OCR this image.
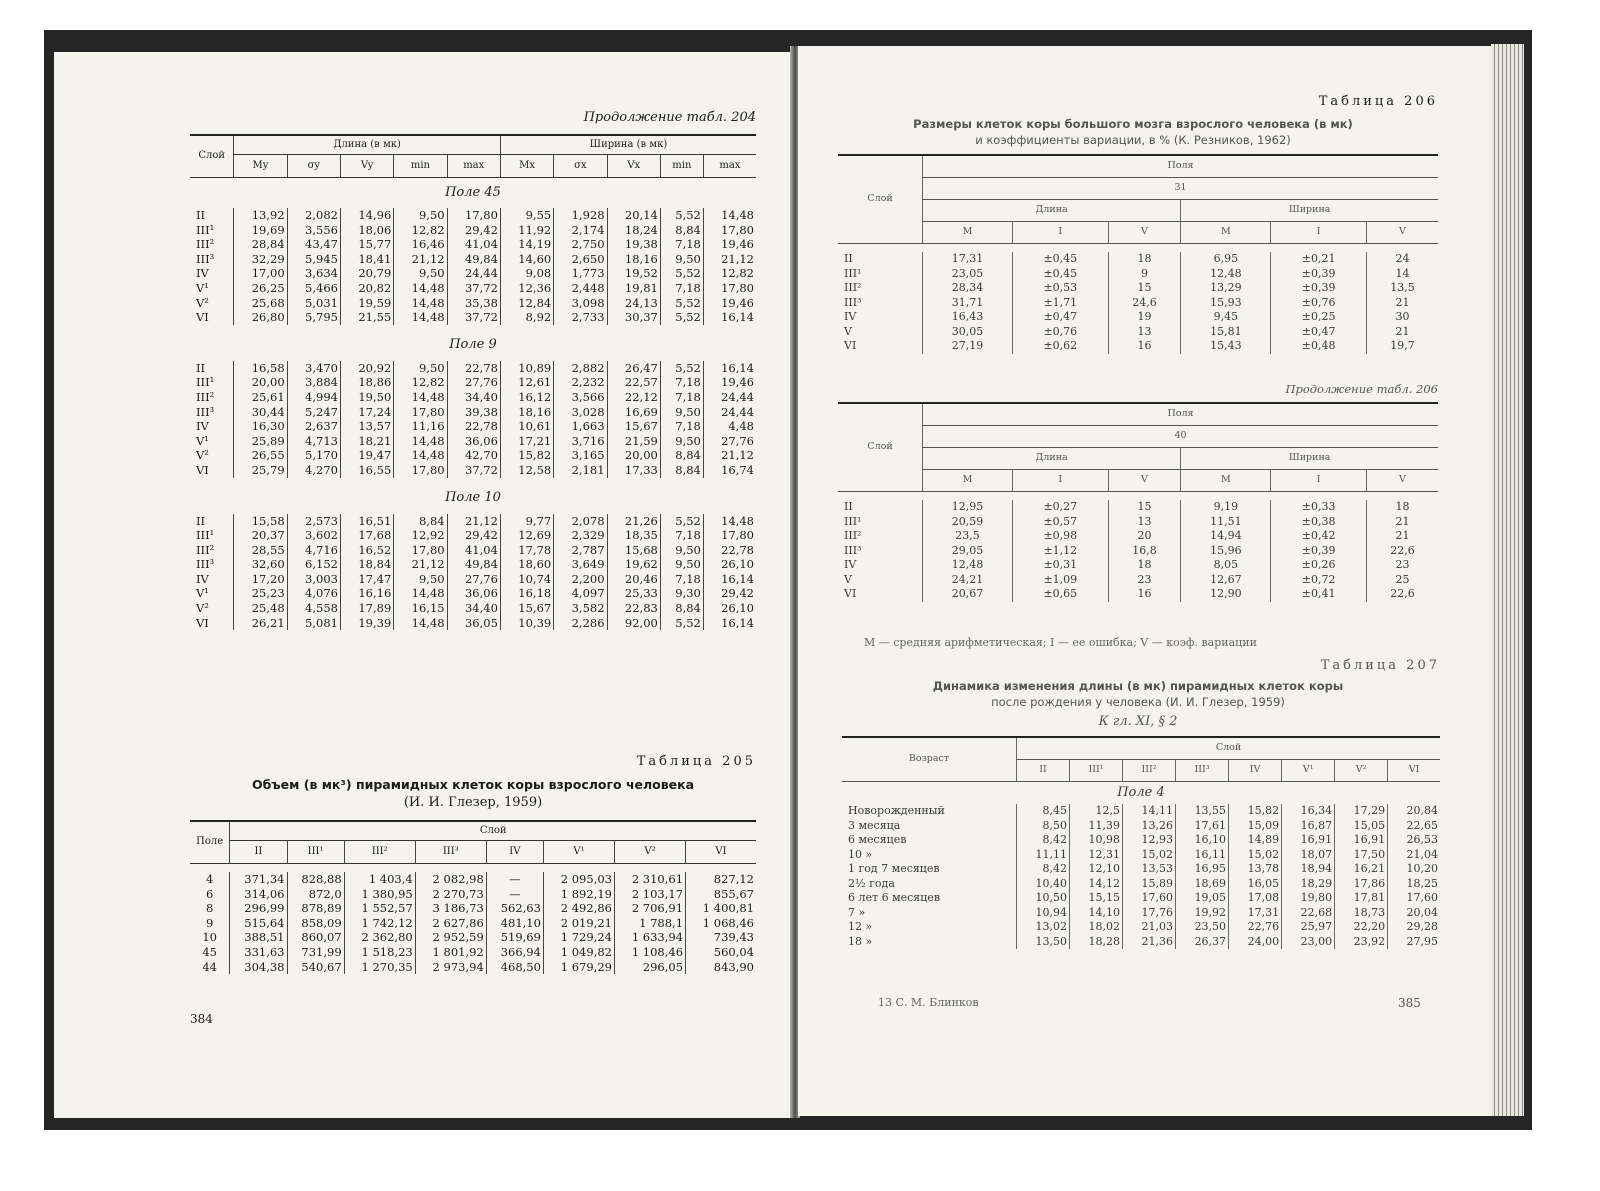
Продолжение табл. 204
Слой	Длина (в мк)					Ширина (в мк)				
	My	σy	Vy	min	max	Mx	σx	Vx	min	max
Поле 45										
II	13,92	2,082	14,96	9,50	17,80	9,55	1,928	20,14	5,52	14,48
III¹	19,69	3,556	18,06	12,82	29,42	11,92	2,174	18,24	8,84	17,80
III²	28,84	43,47	15,77	16,46	41,04	14,19	2,750	19,38	7,18	19,46
III³	32,29	5,945	18,41	21,12	49,84	14,60	2,650	18,16	9,50	21,12
IV	17,00	3,634	20,79	9,50	24,44	9,08	1,773	19,52	5,52	12,82
V¹	26,25	5,466	20,82	14,48	37,72	12,36	2,448	19,81	7,18	17,80
V²	25,68	5,031	19,59	14,48	35,38	12,84	3,098	24,13	5,52	19,46
VI	26,80	5,795	21,55	14,48	37,72	8,92	2,733	30,37	5,52	16,14

Поле 9										
II	16,58	3,470	20,92	9,50	22,78	10,89	2,882	26,47	5,52	16,14
III¹	20,00	3,884	18,86	12,82	27,76	12,61	2,232	22,57	7,18	19,46
III²	25,61	4,994	19,50	14,48	34,40	16,12	3,566	22,12	7,18	24,44
III³	30,44	5,247	17,24	17,80	39,38	18,16	3,028	16,69	9,50	24,44
IV	16,30	2,637	13,57	11,16	22,78	10,61	1,663	15,67	7,18	4,48
V¹	25,89	4,713	18,21	14,48	36,06	17,21	3,716	21,59	9,50	27,76
V²	26,55	5,170	19,47	14,48	42,70	15,82	3,165	20,00	8,84	21,12
VI	25,79	4,270	16,55	17,80	37,72	12,58	2,181	17,33	8,84	16,74

Поле 10										
II	15,58	2,573	16,51	8,84	21,12	9,77	2,078	21,26	5,52	14,48
III¹	20,37	3,602	17,68	12,92	29,42	12,69	2,329	18,35	7,18	17,80
III²	28,55	4,716	16,52	17,80	41,04	17,78	2,787	15,68	9,50	22,78
III³	32,60	6,152	18,84	21,12	49,84	18,60	3,649	19,62	9,50	26,10
IV	17,20	3,003	17,47	9,50	27,76	10,74	2,200	20,46	7,18	16,14
V¹	25,23	4,076	16,16	14,48	36,06	16,18	4,097	25,33	9,30	29,42
V²	25,48	4,558	17,89	16,15	34,40	15,67	3,582	22,83	8,84	26,10
VI	26,21	5,081	19,39	14,48	36,05	10,39	2,286	92,00	5,52	16,14

Таблица 205
Объем (в мк³) пирамидных клеток коры взрослого человека
(И. И. Глезер, 1959)
Поле	Слой							
	II	III¹	III²	III³	IV	V¹	V²	VI

4	371,34	828,88	1 403,4	2 082,98	—	2 095,03	2 310,61	827,12
6	314,06	872,0	1 380,95	2 270,73	—	1 892,19	2 103,17	855,67
8	296,99	878,89	1 552,57	3 186,73	562,63	2 492,86	2 706,91	1 400,81
9	515,64	858,09	1 742,12	2 627,86	481,10	2 019,21	1 788,1	1 068,46
10	388,51	860,07	2 362,80	2 952,59	519,69	1 729,24	1 633,94	739,43
45	331,63	731,99	1 518,23	1 801,92	366,94	1 049,82	1 108,46	560,04
44	304,38	540,67	1 270,35	2 973,94	468,50	1 679,29	296,05	843,90
384
Таблица 206
Размеры клеток коры большого мозга взрослого человека (в мк)
и коэффициенты вариации, в % (К. Резников, 1962)
Слой	Поля					
	31					
	Длина			Ширина		
	M	I	V	M	I	V

II	17,31	±0,45	18	6,95	±0,21	24
III¹	23,05	±0,45	9	12,48	±0,39	14
III²	28,34	±0,53	15	13,29	±0,39	13,5
III³	31,71	±1,71	24,6	15,93	±0,76	21
IV	16,43	±0,47	19	9,45	±0,25	30
V	30,05	±0,76	13	15,81	±0,47	21
VI	27,19	±0,62	16	15,43	±0,48	19,7
Продолжение табл. 206
Слой	Поля					
	40					
	Длина			Ширина		
	M	I	V	M	I	V

II	12,95	±0,27	15	9,19	±0,33	18
III¹	20,59	±0,57	13	11,51	±0,38	21
III²	23,5	±0,98	20	14,94	±0,42	21
III³	29,05	±1,12	16,8	15,96	±0,39	22,6
IV	12,48	±0,31	18	8,05	±0,26	23
V	24,21	±1,09	23	12,67	±0,72	25
VI	20,67	±0,65	16	12,90	±0,41	22,6
M — средняя арифметическая; I — ее ошибка; V — коэф. вариации
Таблица 207
Динамика изменения длины (в мк) пирамидных клеток коры
после рождения у человека (И. И. Глезер, 1959)
К гл. XI, § 2
Возраст	Слой							
	II	III¹	III²	III³	IV	V¹	V²	VI
Поле 4								
Новорожденный	8,45	12,5	14,11	13,55	15,82	16,34	17,29	20,84
3 месяца	8,50	11,39	13,26	17,61	15,09	16,87	15,05	22,65
6 месяцев	8,42	10,98	12,93	16,10	14,89	16,91	16,91	26,53
10 »	11,11	12,31	15,02	16,11	15,02	18,07	17,50	21,04
1 год 7 месяцев	8,42	12,10	13,53	16,95	13,78	18,94	16,21	10,20
2½ года	10,40	14,12	15,89	18,69	16,05	18,29	17,86	18,25
6 лет 6 месяцев	10,50	15,15	17,60	19,05	17,08	19,80	17,81	17,60
7 »	10,94	14,10	17,76	19,92	17,31	22,68	18,73	20,04
12 »	13,02	18,02	21,03	23,50	22,76	25,97	22,20	29,28
18 »	13,50	18,28	21,36	26,37	24,00	23,00	23,92	27,95
13 С. М. Блинков	385
